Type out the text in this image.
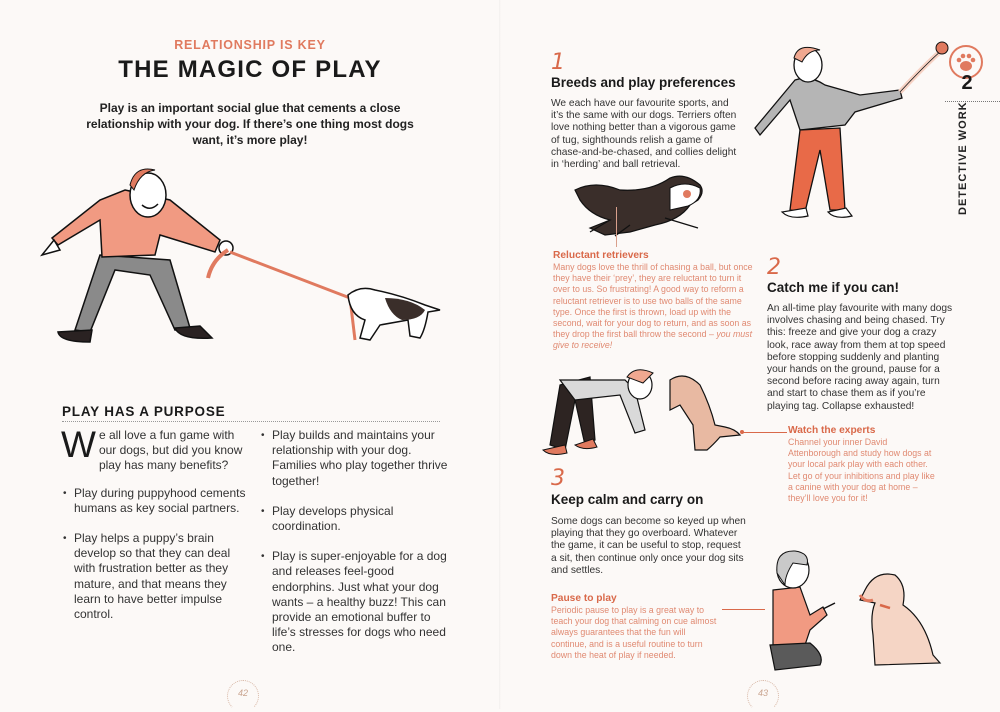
RELATIONSHIP IS KEY
THE MAGIC OF PLAY
Play is an important social glue that cements a close relationship with your dog. If there’s one thing most dogs want, it’s more play!
PLAY HAS A PURPOSE

We all love a fun game with our dogs, but did you know play has many benefits?

• Play during puppyhood cements humans as key social partners.
• Play helps a puppy’s brain develop so that they can deal with frustration better as they mature, and that means they learn to have better impulse control.
• Play builds and maintains your relationship with your dog. Families who play together thrive together!
• Play develops physical coordination.
• Play is super-enjoyable for a dog and releases feel-good endorphins. Just what your dog wants – a healthy buzz! This can provide an emotional buffer to life’s stresses for dogs who need one.
42
1
Breeds and play preferences
We each have our favourite sports, and it’s the same with our dogs. Terriers often love nothing better than a vigorous game of tug, sighthounds relish a game of chase-and-be-chased, and collies delight in ‘herding’ and ball retrieval.
Reluctant retrievers
Many dogs love the thrill of chasing a ball, but once they have their ‘prey’, they are reluctant to turn it over to us. So frustrating! A good way to reform a reluctant retriever is to use two balls of the same type. Once the first is thrown, load up with the second, wait for your dog to return, and as soon as they drop the first ball throw the second – you must give to receive!
2
Catch me if you can!
An all-time play favourite with many dogs involves chasing and being chased. Try this: freeze and give your dog a crazy look, race away from them at top speed before stopping suddenly and planting your hands on the ground, pause for a second before racing away again, turn and start to chase them as if you’re playing tag. Collapse exhausted!
Watch the experts
Channel your inner David Attenborough and study how dogs at your local park play with each other. Let go of your inhibitions and play like a canine with your dog at home – they’ll love you for it!
3
Keep calm and carry on
Some dogs can become so keyed up when playing that they go overboard. Whatever the game, it can be useful to stop, request a sit, then continue only once your dog sits and settles.
Pause to play
Periodic pause to play is a great way to teach your dog that calming on cue almost always guarantees that the fun will continue, and is a useful routine to turn down the heat of play if needed.
2
DETECTIVE WORK
43
